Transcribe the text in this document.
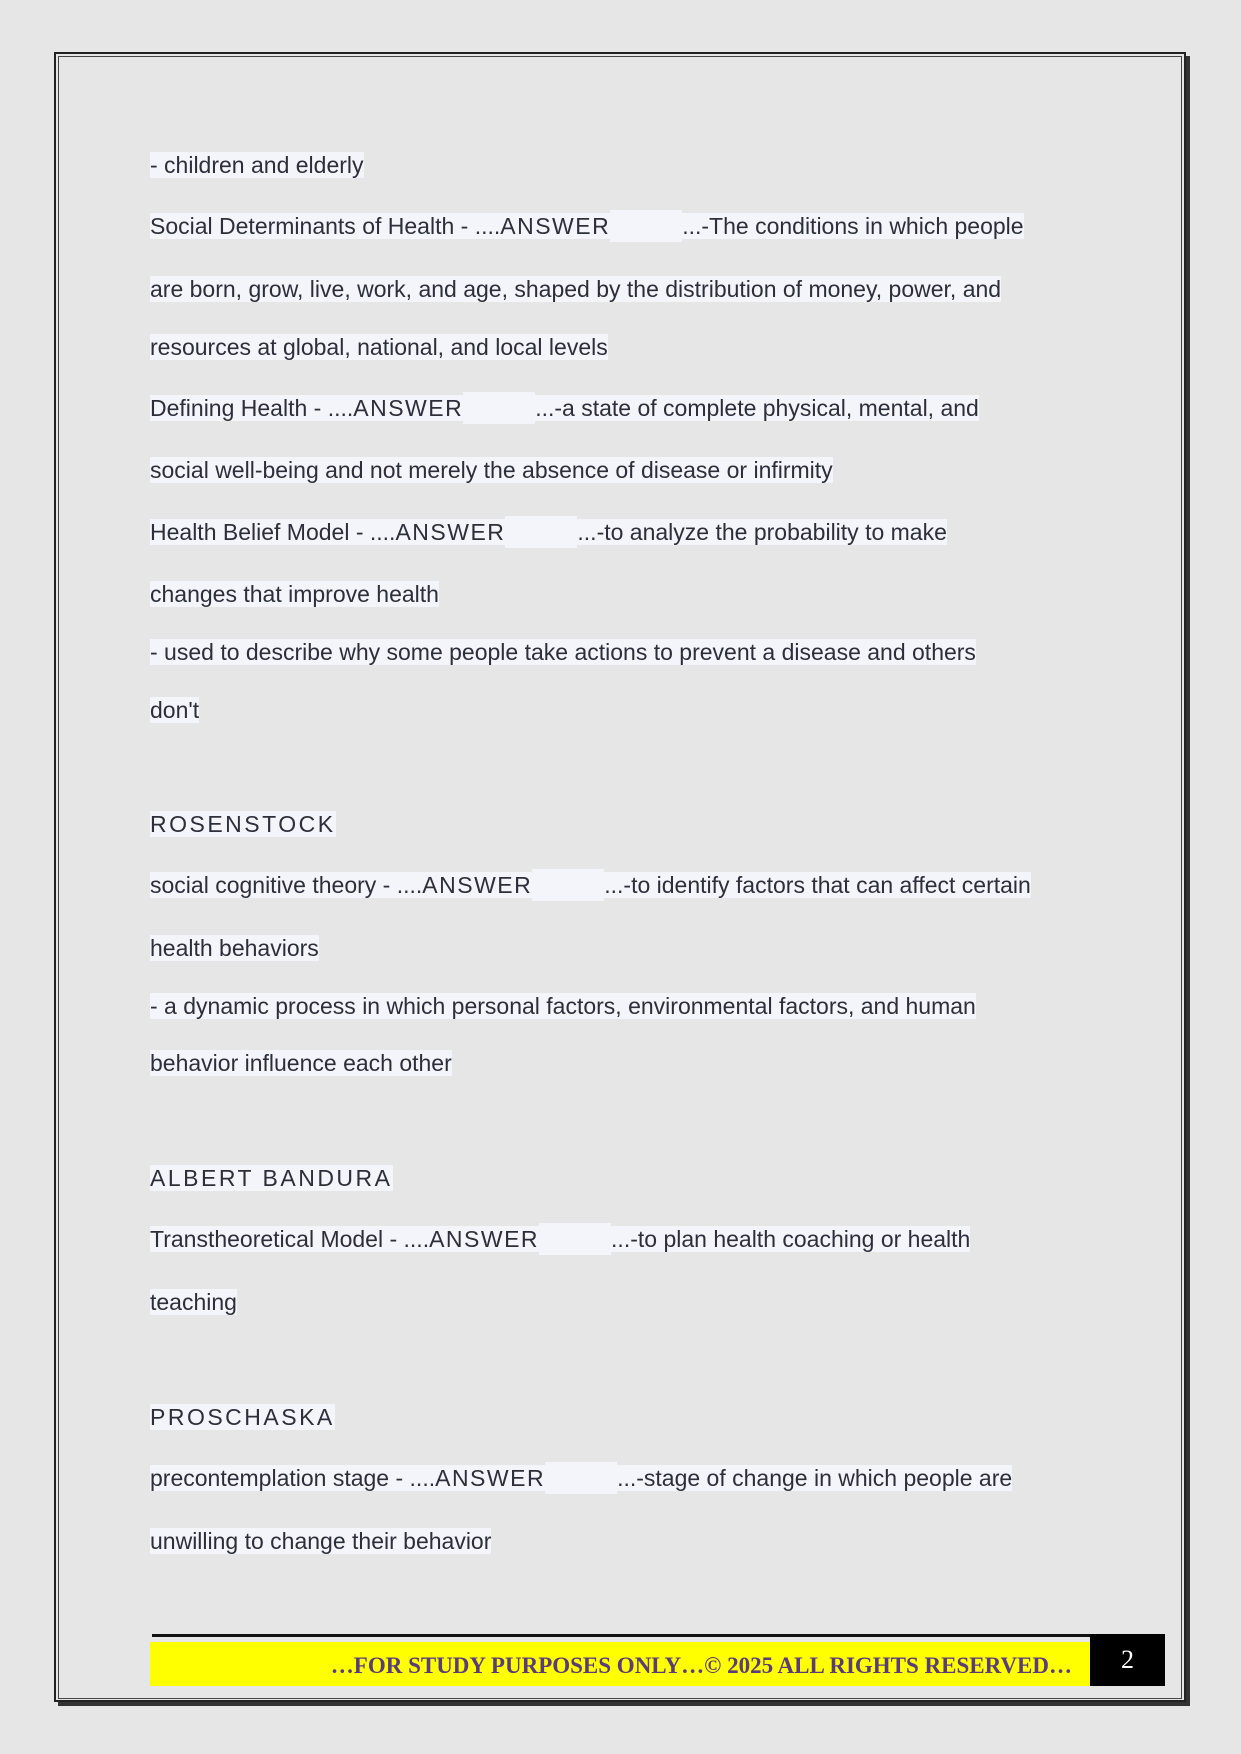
- children and elderly
Social Determinants of Health - ....ANSWER	...-The conditions in which people
are born, grow, live, work, and age, shaped by the distribution of money, power, and
resources at global, national, and local levels
Defining Health - ....ANSWER	...-a state of complete physical, mental, and
social well-being and not merely the absence of disease or infirmity
Health Belief Model - ....ANSWER	...-to analyze the probability to make
changes that improve health
- used to describe why some people take actions to prevent a disease and others
don't
ROSENSTOCK
social cognitive theory - ....ANSWER	...-to identify factors that can affect certain
health behaviors
- a dynamic process in which personal factors, environmental factors, and human
behavior influence each other
ALBERT BANDURA
Transtheoretical Model - ....ANSWER	...-to plan health coaching or health
teaching
PROSCHASKA
precontemplation stage - ....ANSWER	...-stage of change in which people are
unwilling to change their behavior
…FOR STUDY PURPOSES ONLY…© 2025 ALL RIGHTS RESERVED…	2
